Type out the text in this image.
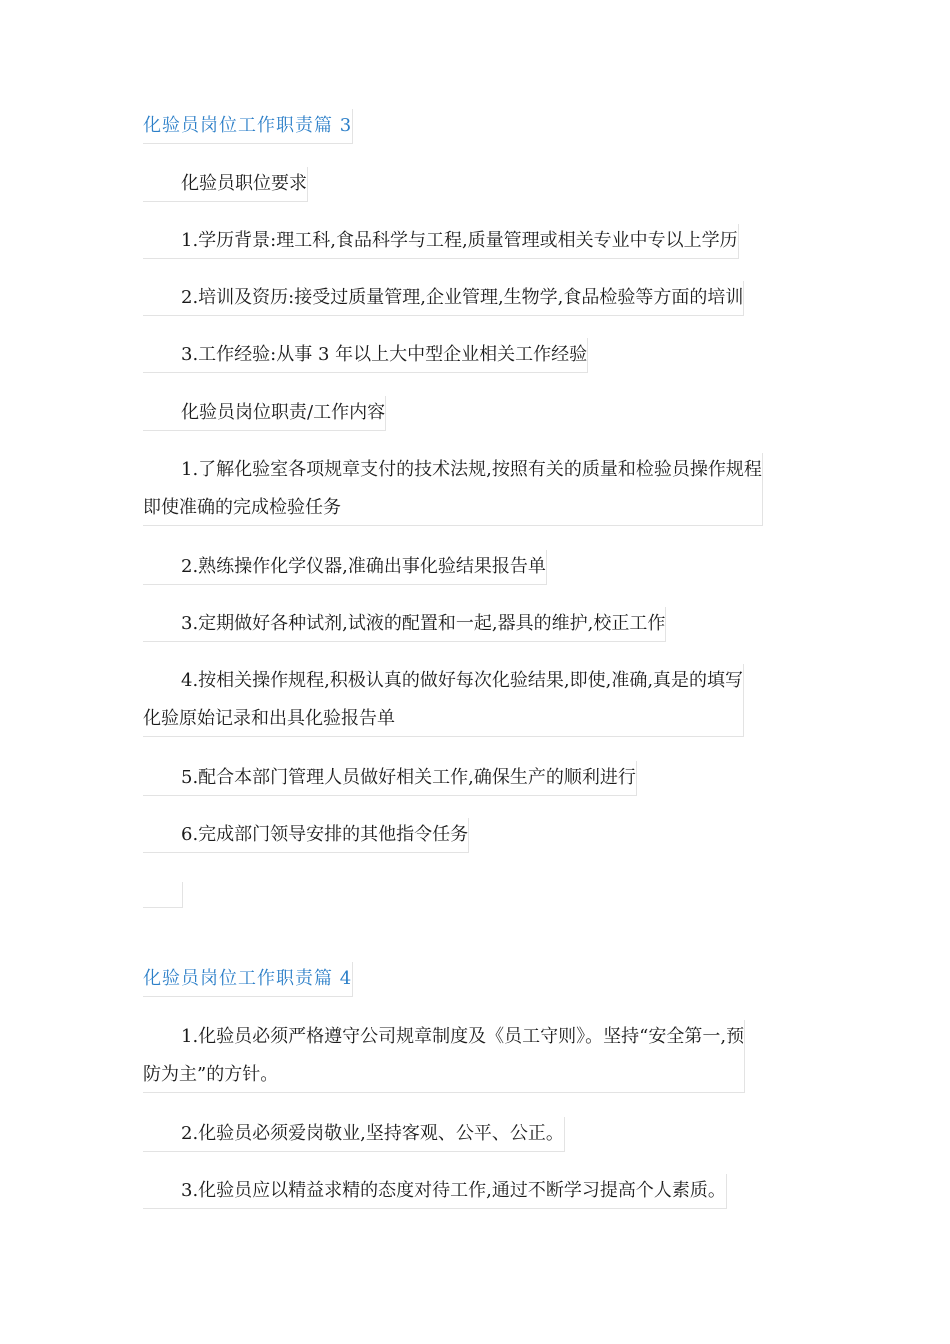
化验员岗位工作职责篇 3
化验员职位要求
1.学历背景:理工科,食品科学与工程,质量管理或相关专业中专以上学历
2.培训及资历:接受过质量管理,企业管理,生物学,食品检验等方面的培训
3.工作经验:从事 3 年以上大中型企业相关工作经验
化验员岗位职责/工作内容
1.了解化验室各项规章支付的技术法规,按照有关的质量和检验员操作规程
即使准确的完成检验任务
2.熟练操作化学仪器,准确出事化验结果报告单
3.定期做好各种试剂,试液的配置和一起,器具的维护,校正工作
4.按相关操作规程,积极认真的做好每次化验结果,即使,准确,真是的填写
化验原始记录和出具化验报告单
5.配合本部门管理人员做好相关工作,确保生产的顺利进行
6.完成部门领导安排的其他指令任务
化验员岗位工作职责篇 4
1.化验员必须严格遵守公司规章制度及《员工守则》。坚持“安全第一,预
防为主”的方针。
2.化验员必须爱岗敬业,坚持客观、公平、公正。
3.化验员应以精益求精的态度对待工作,通过不断学习提高个人素质。
